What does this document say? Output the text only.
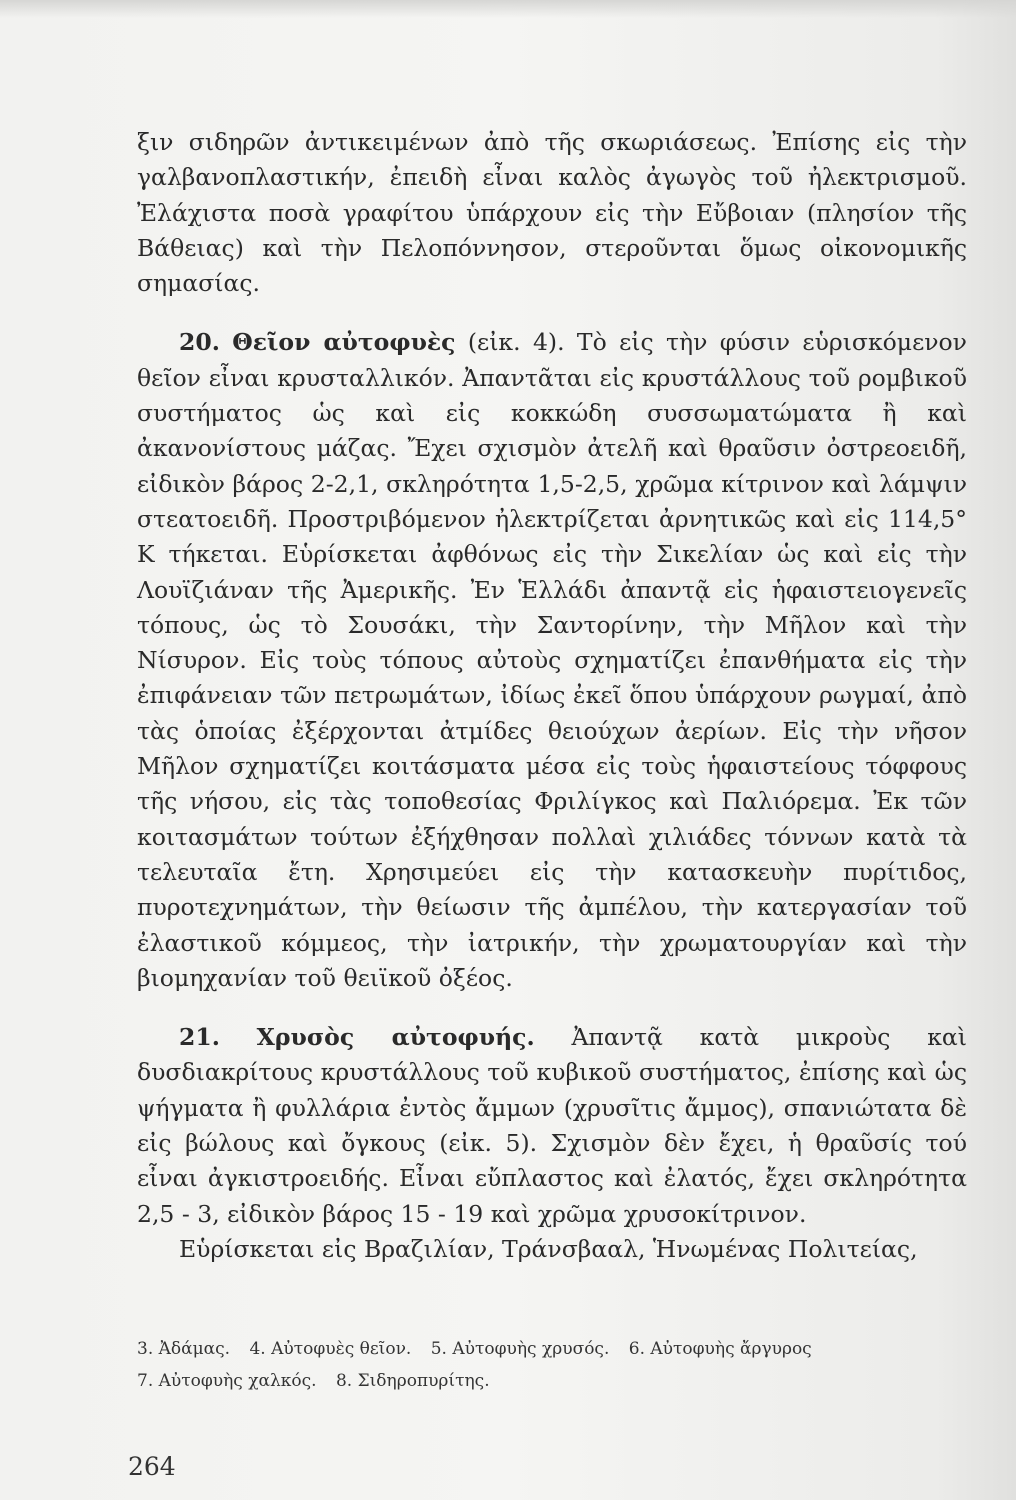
ξιν σιδηρῶν ἀντικειμένων ἀπὸ τῆς σκωριάσεως. Ἐπίσης εἰς τὴν γαλβανοπλαστικήν, ἐπειδὴ εἶναι καλὸς ἀγωγὸς τοῦ ἠλεκτρισμοῦ. Ἐλάχιστα ποσὰ γραφίτου ὑπάρχουν εἰς τὴν Εὔβοιαν (πλησίον τῆς Βάθειας) καὶ τὴν Πελοπόννησον, στεροῦνται ὅμως οἰκονομικῆς σημασίας.

20. Θεῖον αὐτοφυὲς (εἰκ. 4). Τὸ εἰς τὴν φύσιν εὑρισκόμενον θεῖον εἶναι κρυσταλλικόν. Ἀπαντᾶται εἰς κρυστάλλους τοῦ ρομβικοῦ συστήματος ὡς καὶ εἰς κοκκώδη συσσωματώματα ἢ καὶ ἀκανονίστους μάζας. Ἔχει σχισμὸν ἀτελῆ καὶ θραῦσιν ὀστρεοειδῆ, εἰδικὸν βάρος 2-2,1, σκληρότητα 1,5-2,5, χρῶμα κίτρινον καὶ λάμψιν στεατοειδῆ. Προστριβόμενον ἠλεκτρίζεται ἀρνητικῶς καὶ εἰς 114,5° Κ τήκεται. Εὑρίσκεται ἀφθόνως εἰς τὴν Σικελίαν ὡς καὶ εἰς τὴν Λουϊζιάναν τῆς Ἀμερικῆς. Ἐν Ἑλλάδι ἀπαντᾷ εἰς ἡφαιστειογενεῖς τόπους, ὡς τὸ Σουσάκι, τὴν Σαντορίνην, τὴν Μῆλον καὶ τὴν Νίσυρον. Εἰς τοὺς τόπους αὐτοὺς σχηματίζει ἐπανθήματα εἰς τὴν ἐπιφάνειαν τῶν πετρωμάτων, ἰδίως ἐκεῖ ὅπου ὑπάρχουν ρωγμαί, ἀπὸ τὰς ὁποίας ἐξέρχονται ἀτμίδες θειούχων ἀερίων. Εἰς τὴν νῆσον Μῆλον σχηματίζει κοιτάσματα μέσα εἰς τοὺς ἡφαιστείους τόφφους τῆς νήσου, εἰς τὰς τοποθεσίας Φριλίγκος καὶ Παλιόρεμα. Ἐκ τῶν κοιτασμάτων τούτων ἐξήχθησαν πολλαὶ χιλιάδες τόννων κατὰ τὰ τελευταῖα ἔτη. Χρησιμεύει εἰς τὴν κατασκευὴν πυρίτιδος, πυροτεχνημάτων, τὴν θείωσιν τῆς ἀμπέλου, τὴν κατεργασίαν τοῦ ἐλαστικοῦ κόμμεος, τὴν ἰατρικήν, τὴν χρωματουργίαν καὶ τὴν βιομηχανίαν τοῦ θειϊκοῦ ὀξέος.

21. Χρυσὸς αὐτοφυής. Ἀπαντᾷ κατὰ μικροὺς καὶ δυσδιακρίτους κρυστάλλους τοῦ κυβικοῦ συστήματος, ἐπίσης καὶ ὡς ψήγματα ἢ φυλλάρια ἐντὸς ἄμμων (χρυσῖτις ἄμμος), σπανιώτατα δὲ εἰς βώλους καὶ ὄγκους (εἰκ. 5). Σχισμὸν δὲν ἔχει, ἡ θραῦσίς τού εἶναι ἀγκιστροειδής. Εἶναι εὔπλαστος καὶ ἐλατός, ἔχει σκληρότητα 2,5 - 3, εἰδικὸν βάρος 15 - 19 καὶ χρῶμα χρυσοκίτρινον.

Εὑρίσκεται εἰς Βραζιλίαν, Τράνσβααλ, Ἡνωμένας Πολιτείας,

3. Ἀδάμας. 4. Αὐτοφυὲς θεῖον. 5. Αὐτοφυὴς χρυσός. 6. Αὐτοφυὴς ἄργυρος
7. Αὐτοφυὴς χαλκός. 8. Σιδηροπυρίτης.
264
